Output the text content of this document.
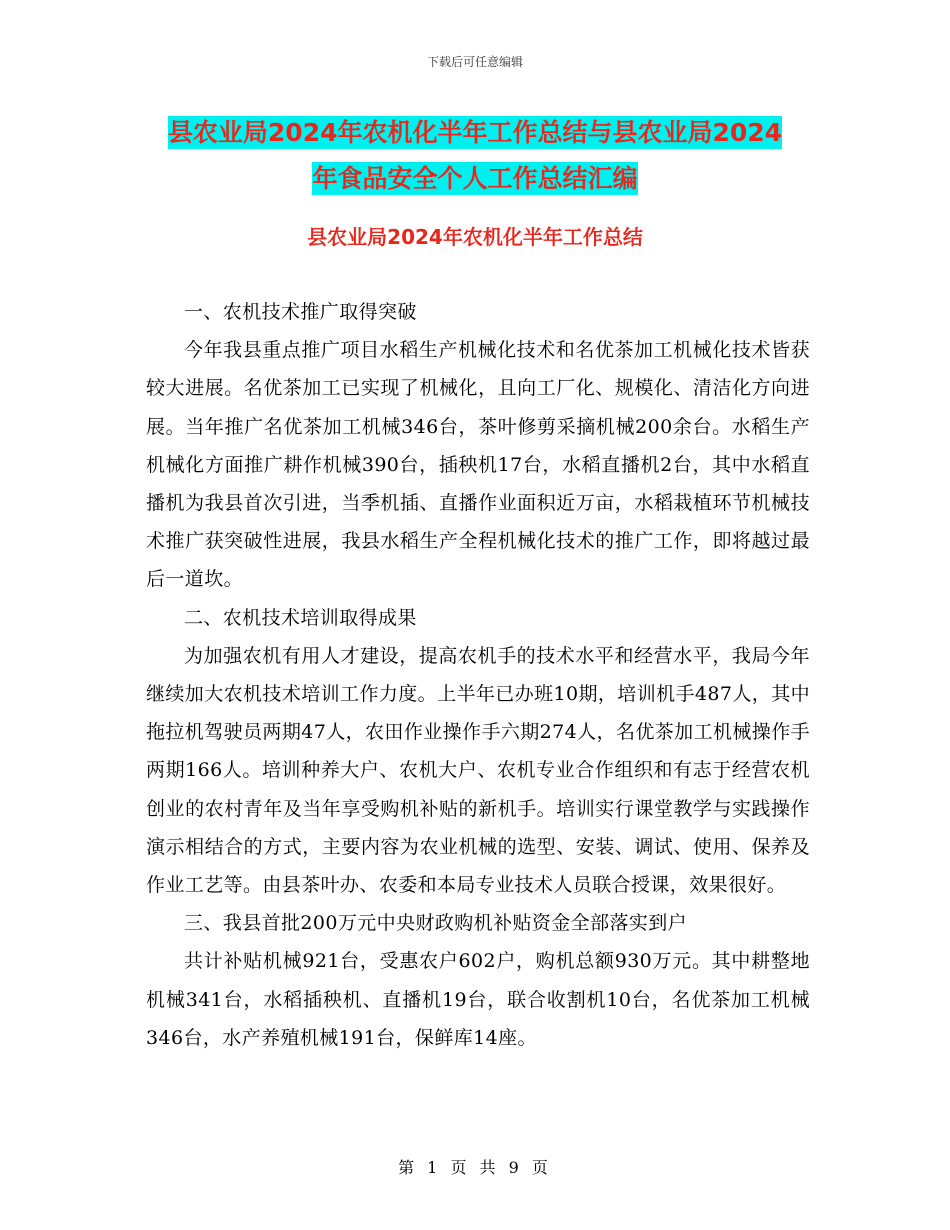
下载后可任意编辑
县农业局2024年农机化半年工作总结与县农业局2024
年食品安全个人工作总结汇编
县农业局2024年农机化半年工作总结

一、农机技术推广取得突破

今年我县重点推广项目水稻生产机械化技术和名优茶加工机械化技术皆获较大进展。名优茶加工已实现了机械化，且向工厂化、规模化、清洁化方向进展。当年推广名优茶加工机械346台，茶叶修剪采摘机械200余台。水稻生产机械化方面推广耕作机械390台，插秧机17台，水稻直播机2台，其中水稻直播机为我县首次引进，当季机插、直播作业面积近万亩，水稻栽植环节机械技术推广获突破性进展，我县水稻生产全程机械化技术的推广工作，即将越过最后一道坎。

二、农机技术培训取得成果

为加强农机有用人才建设，提高农机手的技术水平和经营水平，我局今年继续加大农机技术培训工作力度。上半年已办班10期，培训机手487人，其中拖拉机驾驶员两期47人，农田作业操作手六期274人，名优茶加工机械操作手两期166人。培训种养大户、农机大户、农机专业合作组织和有志于经营农机创业的农村青年及当年享受购机补贴的新机手。培训实行课堂教学与实践操作演示相结合的方式，主要内容为农业机械的选型、安装、调试、使用、保养及作业工艺等。由县茶叶办、农委和本局专业技术人员联合授课，效果很好。

三、我县首批200万元中央财政购机补贴资金全部落实到户

共计补贴机械921台，受惠农户602户，购机总额930万元。其中耕整地机械341台，水稻插秧机、直播机19台，联合收割机10台，名优茶加工机械346台，水产养殖机械191台，保鲜库14座。

第 1 页 共 9 页
